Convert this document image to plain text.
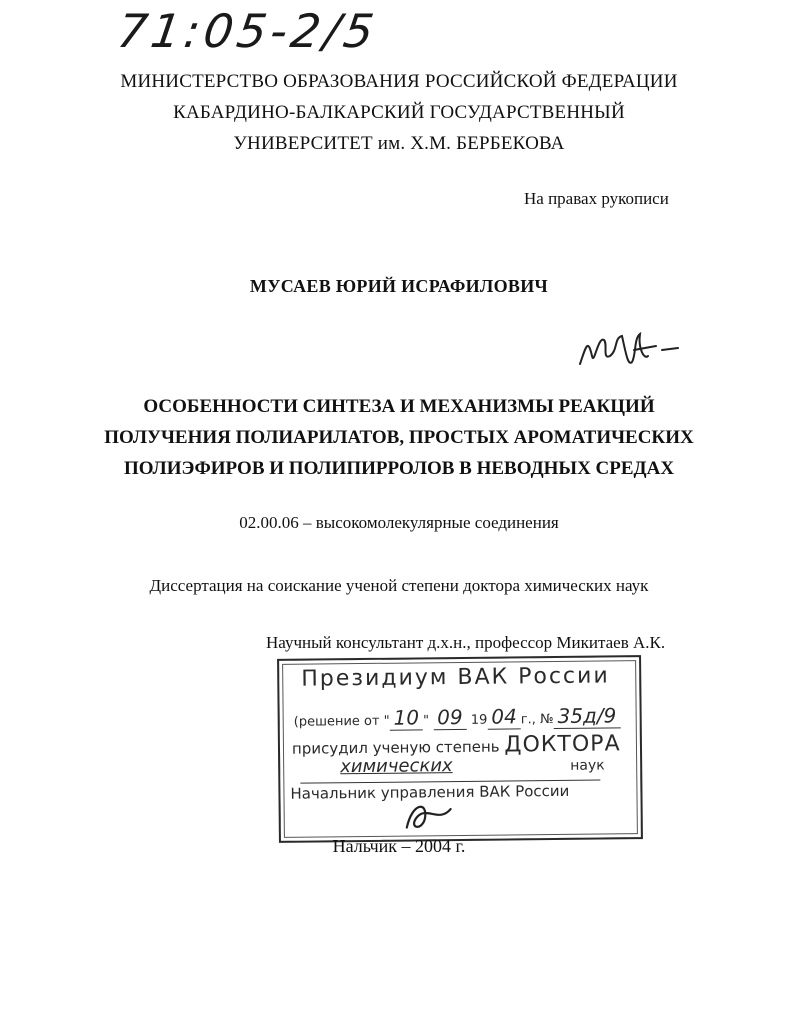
71:05-2/5
МИНИСТЕРСТВО ОБРАЗОВАНИЯ РОССИЙСКОЙ ФЕДЕРАЦИИ
КАБАРДИНО-БАЛКАРСКИЙ ГОСУДАРСТВЕННЫЙ
УНИВЕРСИТЕТ им. Х.М. БЕРБЕКОВА
На правах рукописи
МУСАЕВ ЮРИЙ ИСРАФИЛОВИЧ
ОСОБЕННОСТИ СИНТЕЗА И МЕХАНИЗМЫ РЕАКЦИЙ
ПОЛУЧЕНИЯ ПОЛИАРИЛАТОВ, ПРОСТЫХ АРОМАТИЧЕСКИХ
ПОЛИЭФИРОВ И ПОЛИПИРРОЛОВ В НЕВОДНЫХ СРЕДАХ
02.00.06 – высокомолекулярные соединения
Диссертация на соискание ученой степени доктора химических наук
Научный консультант д.х.н., профессор Микитаев А.К.
Президиум ВАК России
(решение от " 10 " 09 19 04 г., № 35д/9
присудил ученую степень ДОКТОРА
химических	наук
Начальник управления ВАК России
Нальчик – 2004 г.
